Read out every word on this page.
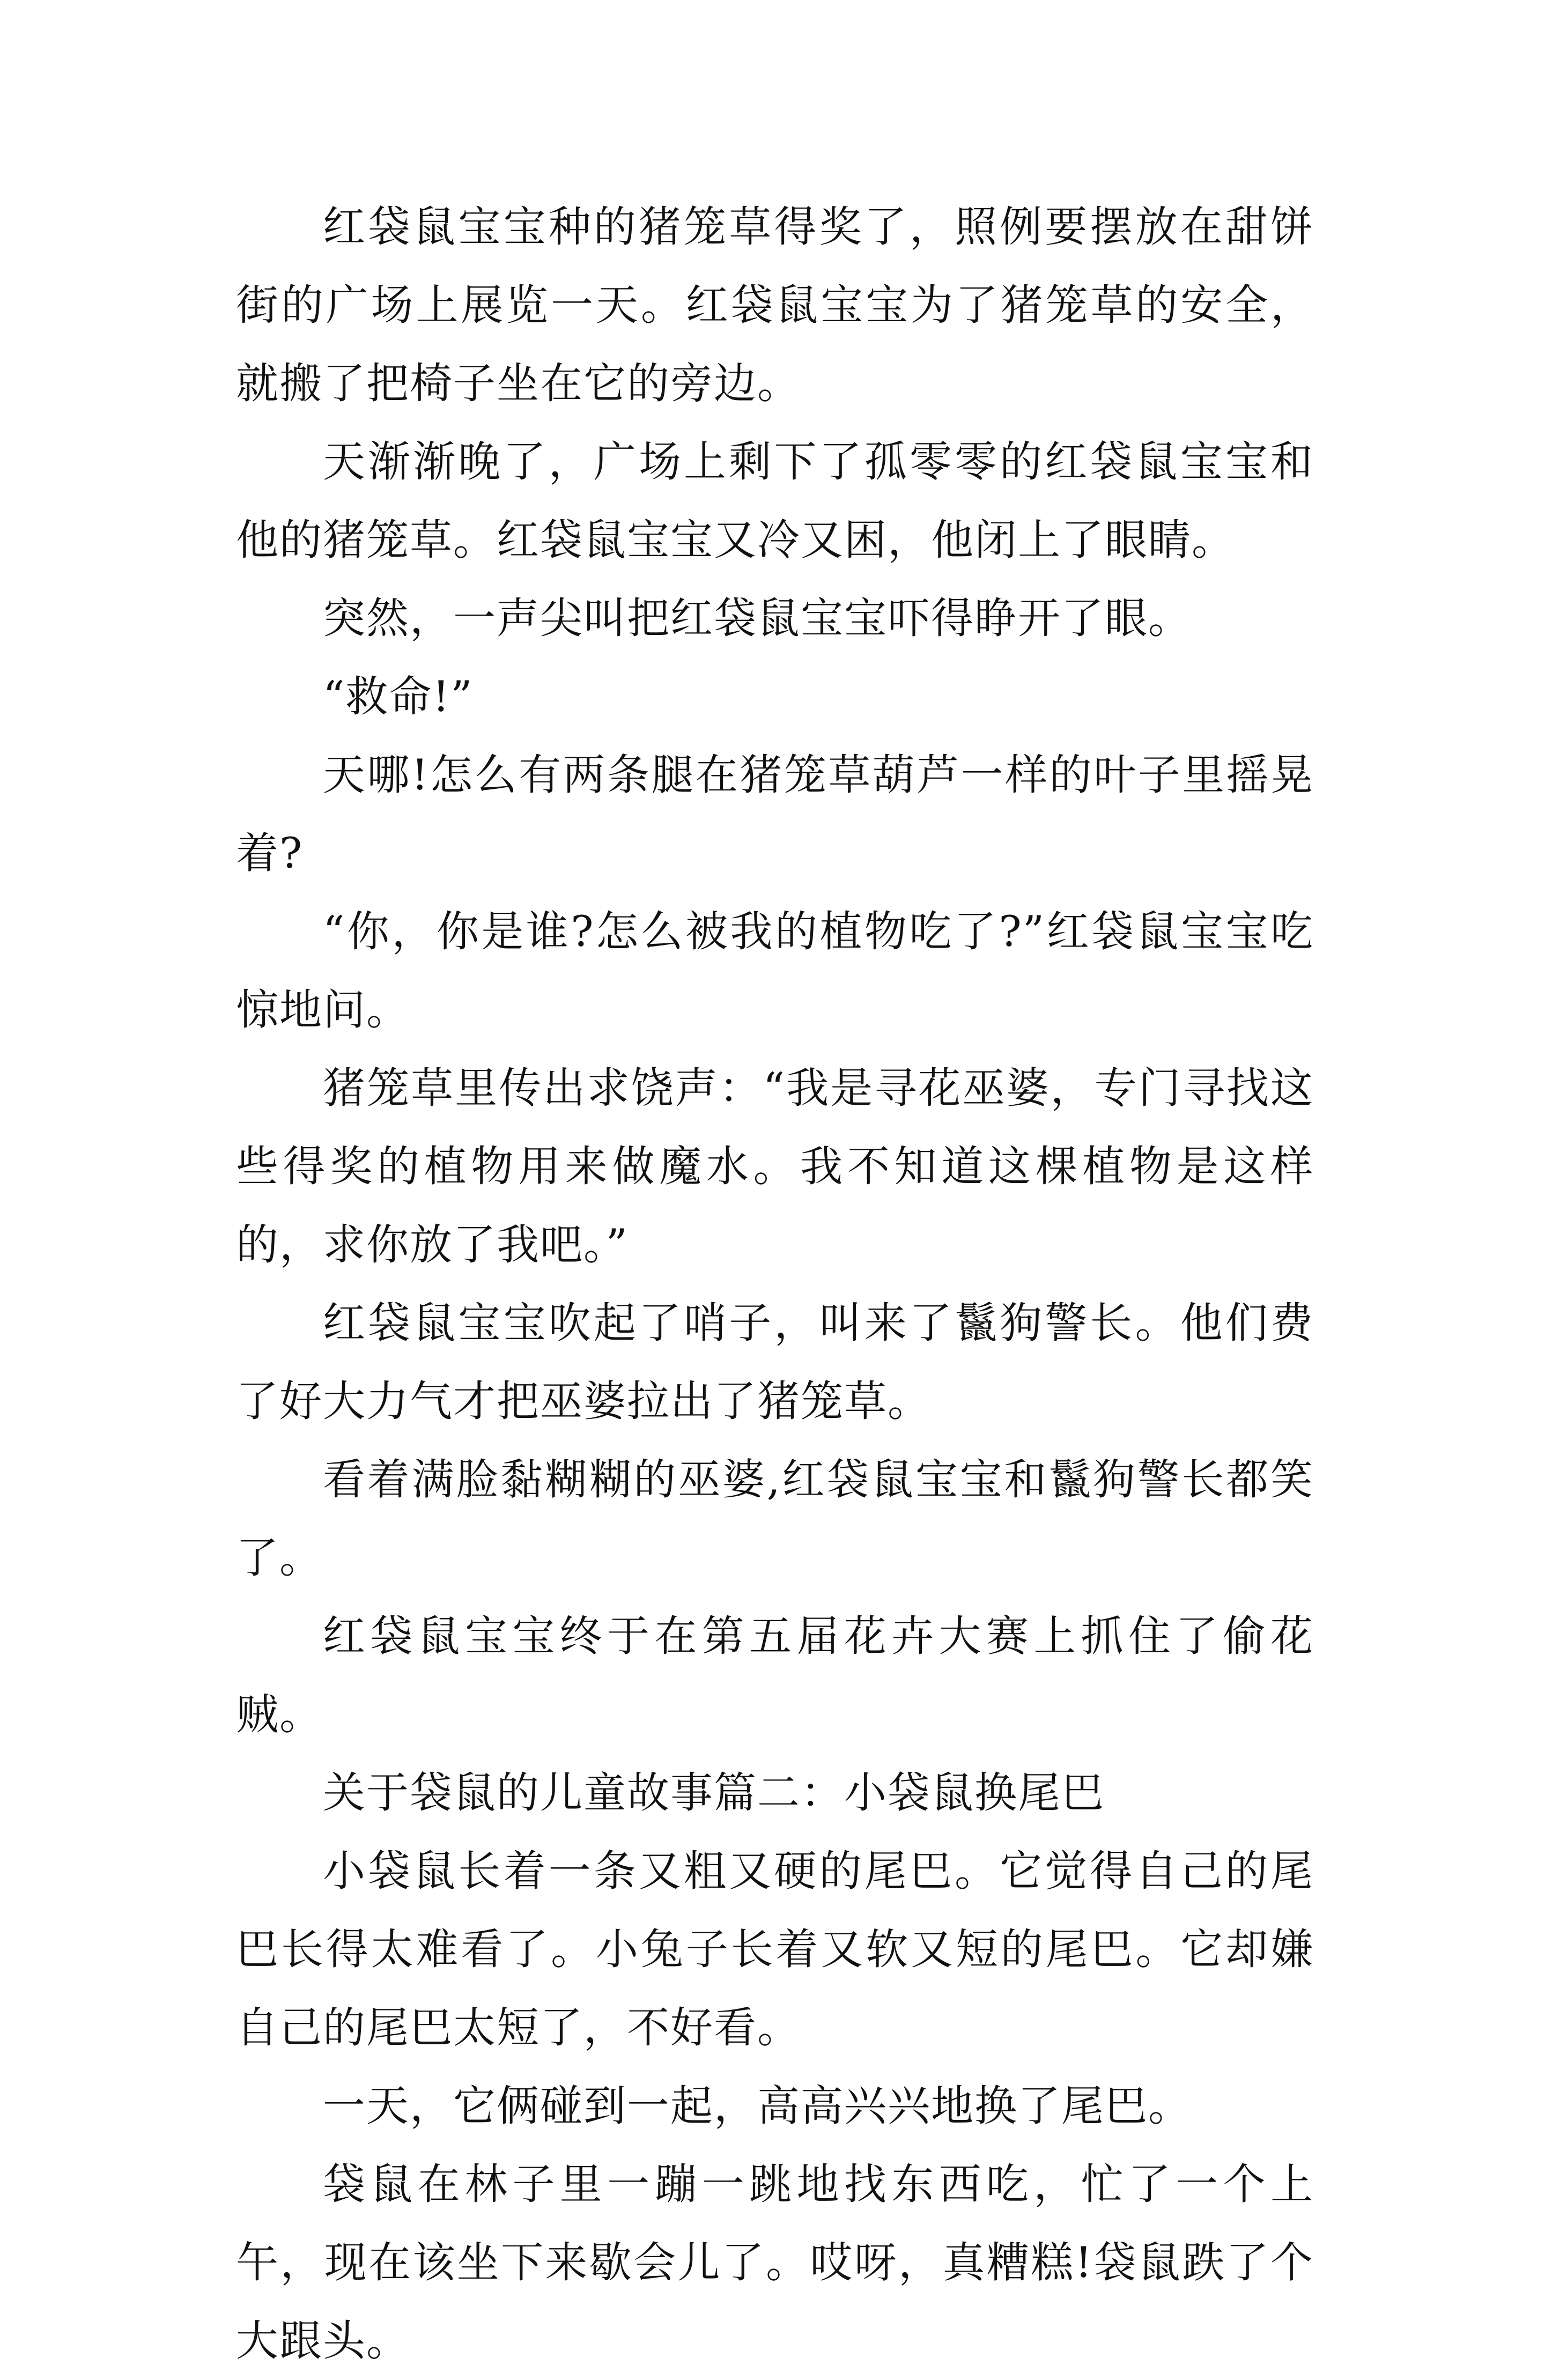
红袋鼠宝宝种的猪笼草得奖了，照例要摆放在甜饼街的广场上展览一天。红袋鼠宝宝为了猪笼草的安全，就搬了把椅子坐在它的旁边。

天渐渐晚了，广场上剩下了孤零零的红袋鼠宝宝和他的猪笼草。红袋鼠宝宝又冷又困，他闭上了眼睛。

突然，一声尖叫把红袋鼠宝宝吓得睁开了眼。

“救命!”

天哪!怎么有两条腿在猪笼草葫芦一样的叶子里摇晃着?

“你，你是谁?怎么被我的植物吃了?”红袋鼠宝宝吃惊地问。

猪笼草里传出求饶声：“我是寻花巫婆，专门寻找这些得奖的植物用来做魔水。我不知道这棵植物是这样的，求你放了我吧。”

红袋鼠宝宝吹起了哨子，叫来了鬣狗警长。他们费了好大力气才把巫婆拉出了猪笼草。

看着满脸黏糊糊的巫婆,红袋鼠宝宝和鬣狗警长都笑了。

红袋鼠宝宝终于在第五届花卉大赛上抓住了偷花贼。

关于袋鼠的儿童故事篇二：小袋鼠换尾巴

小袋鼠长着一条又粗又硬的尾巴。它觉得自己的尾巴长得太难看了。小兔子长着又软又短的尾巴。它却嫌自己的尾巴太短了，不好看。

一天，它俩碰到一起，高高兴兴地换了尾巴。

袋鼠在林子里一蹦一跳地找东西吃，忙了一个上午，现在该坐下来歇会儿了。哎呀，真糟糕!袋鼠跌了个大跟头。
